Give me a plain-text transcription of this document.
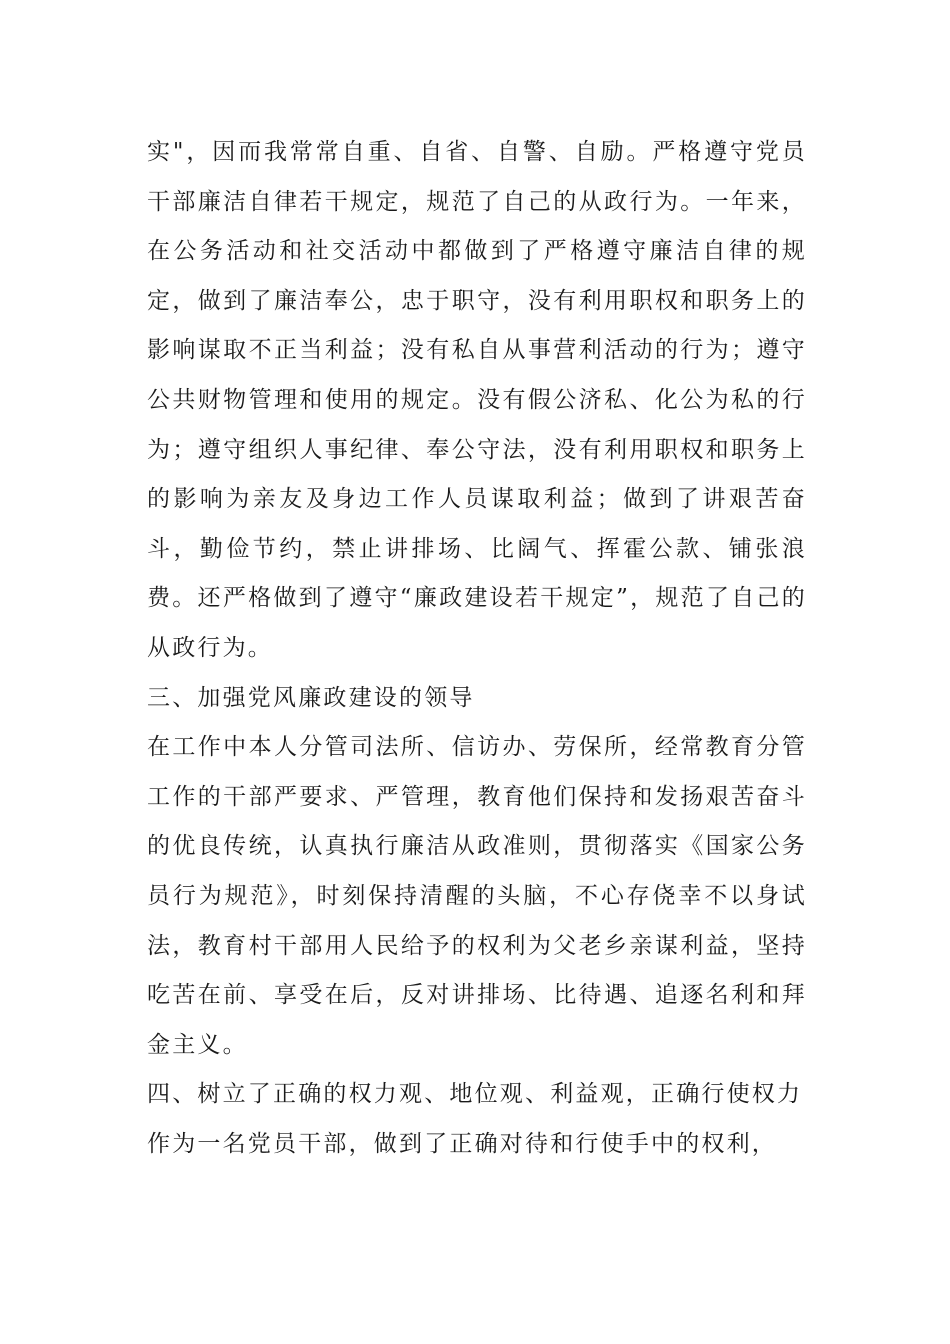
实"，因而我常常自重、自省、自警、自励。严格遵守党员干部廉洁自律若干规定，规范了自己的从政行为。一年来，在公务活动和社交活动中都做到了严格遵守廉洁自律的规定，做到了廉洁奉公，忠于职守，没有利用职权和职务上的影响谋取不正当利益；没有私自从事营利活动的行为；遵守公共财物管理和使用的规定。没有假公济私、化公为私的行为；遵守组织人事纪律、奉公守法，没有利用职权和职务上的影响为亲友及身边工作人员谋取利益；做到了讲艰苦奋斗，勤俭节约，禁止讲排场、比阔气、挥霍公款、铺张浪费。还严格做到了遵守“廉政建设若干规定”，规范了自己的从政行为。

三、加强党风廉政建设的领导

在工作中本人分管司法所、信访办、劳保所，经常教育分管工作的干部严要求、严管理，教育他们保持和发扬艰苦奋斗的优良传统，认真执行廉洁从政准则，贯彻落实《国家公务员行为规范》，时刻保持清醒的头脑，不心存侥幸不以身试法，教育村干部用人民给予的权利为父老乡亲谋利益，坚持吃苦在前、享受在后，反对讲排场、比待遇、追逐名利和拜金主义。

四、树立了正确的权力观、地位观、利益观，正确行使权力

作为一名党员干部，做到了正确对待和行使手中的权利，
